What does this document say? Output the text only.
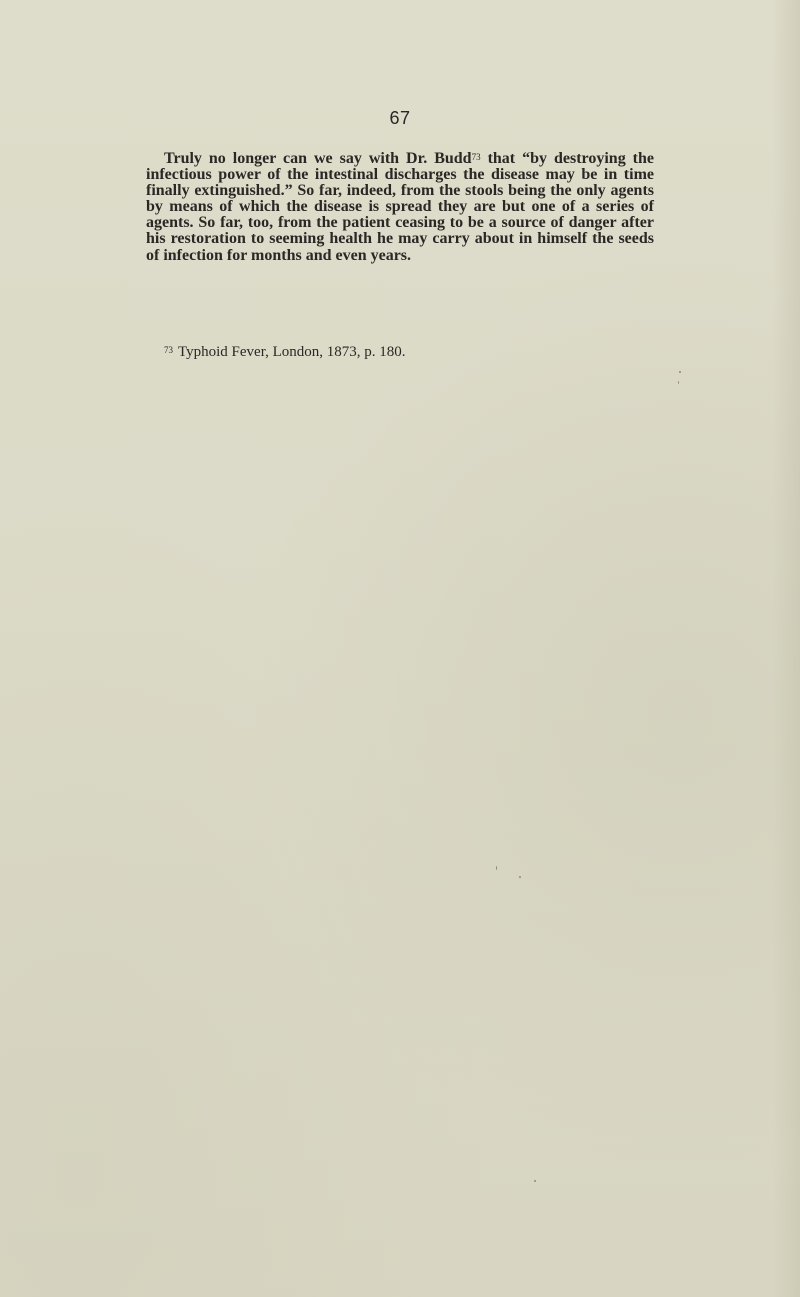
67

Truly no longer can we say with Dr. Budd$^{73}$ that “by destroying the infectious power of the intestinal discharges the disease may be in time finally extinguished.” So far, indeed, from the stools being the only agents by means of which the disease is spread they are but one of a series of agents. So far, too, from the patient ceasing to be a source of danger after his restoration to seeming health he may carry about in himself the seeds of infection for months and even years.

$^{73}$ Typhoid Fever, London, 1873, p. 180.
